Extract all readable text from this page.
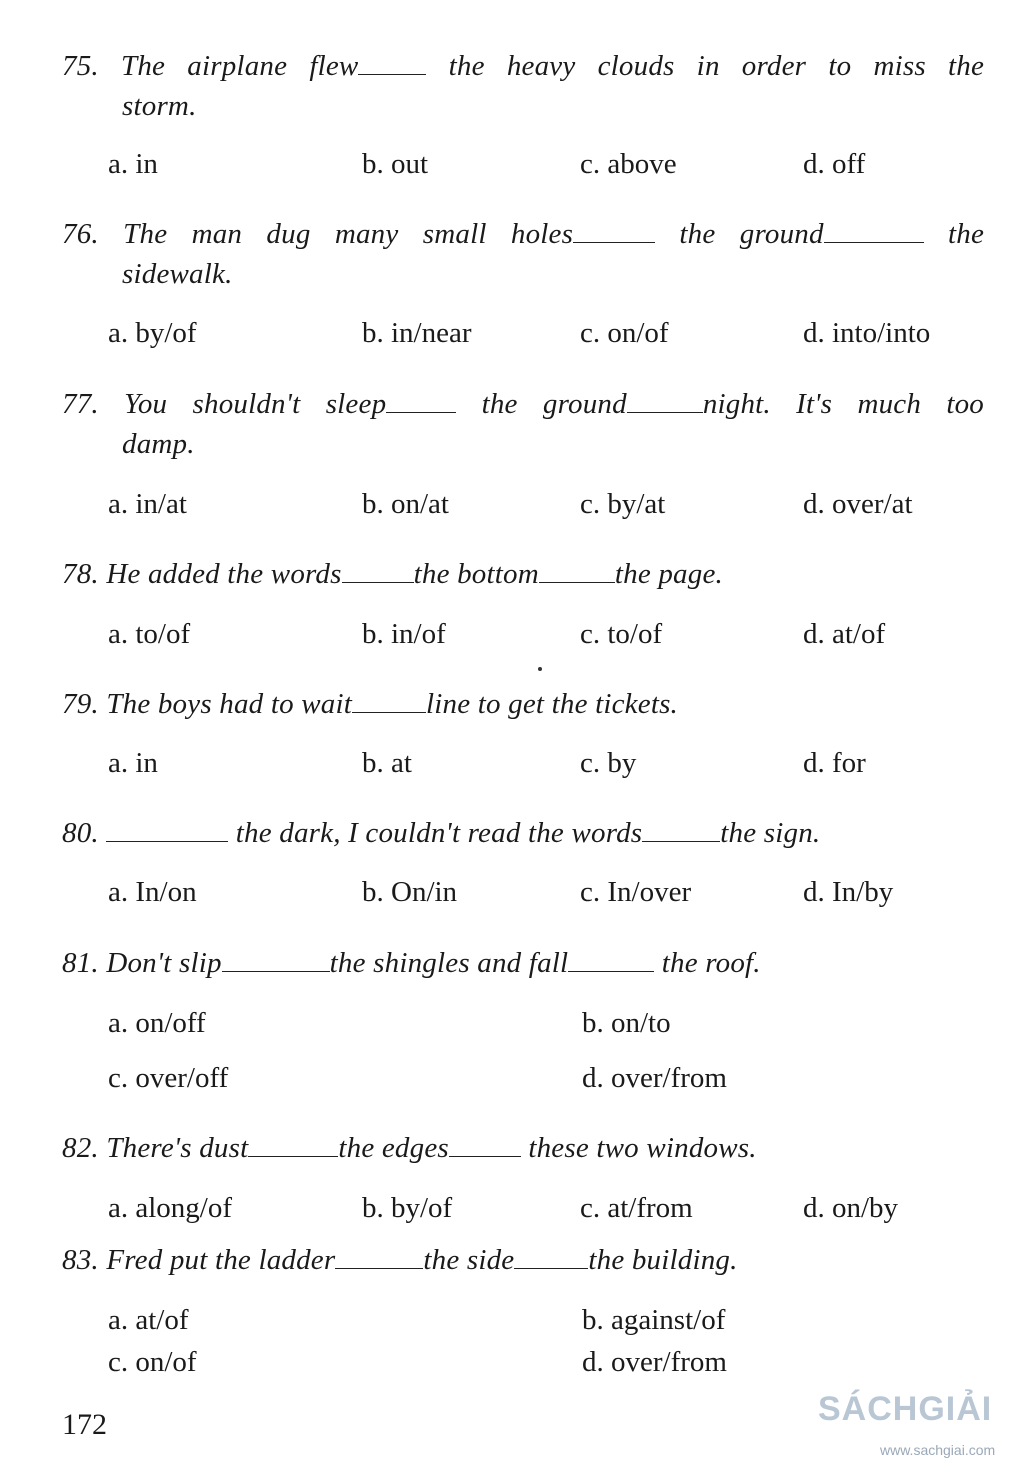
75. The airplane flew	the heavy clouds in order to miss the
storm.
a. in	b. out	c. above	d. off
76. The man dug many small holes	the ground	the
sidewalk.
a. by/of	b. in/near	c. on/of	d. into/into
77. You shouldn't sleep	the ground	night. It's much too
damp.
a. in/at	b. on/at	c. by/at	d. over/at
78. He added the words the bottom	the page.
a. to/of	b. in/of	c. to/of	d. at/of
79. The boys had to wait	line to get the tickets.
a. in	b. at	c. by	d. for
80.	the dark, I couldn't read the words	the sign.
a. In/on	b. On/in	c. In/over	d. In/by
81. Don't slip	the shingles and fall	the roof.
a. on/off	b. on/to
c. over/off	d. over/from
82. There's dust	the edges	these two windows.
a. along/of	b. by/of	c. at/from	d. on/by
83. Fred put the ladder	the side	the building.
a. at/of	b. against/of
c. on/of	d. over/from
172	SÁCHGIẢI
www.sachgiai.com
